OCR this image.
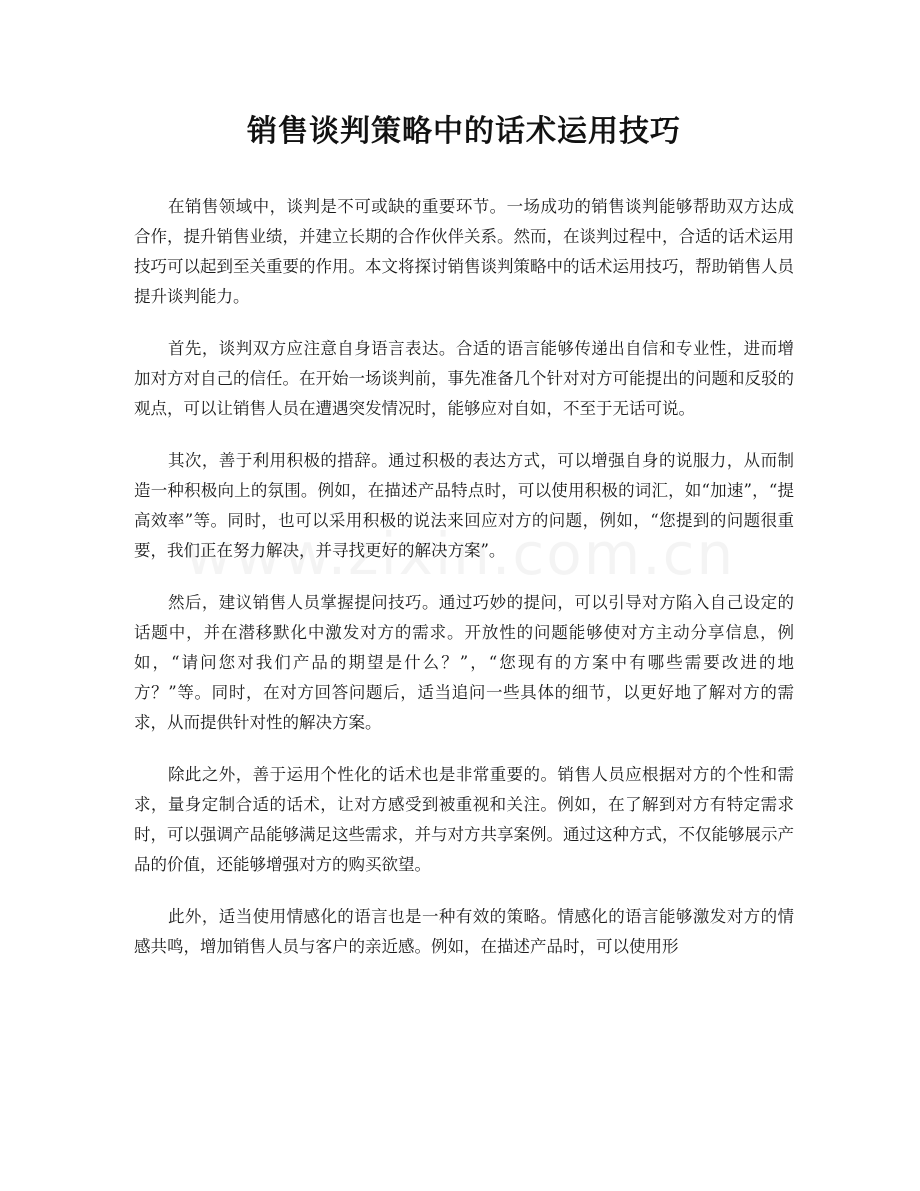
销售谈判策略中的话术运用技巧

在销售领域中，谈判是不可或缺的重要环节。一场成功的销售谈判能够帮助双方达成合作，提升销售业绩，并建立长期的合作伙伴关系。然而，在谈判过程中，合适的话术运用技巧可以起到至关重要的作用。本文将探讨销售谈判策略中的话术运用技巧，帮助销售人员提升谈判能力。

首先，谈判双方应注意自身语言表达。合适的语言能够传递出自信和专业性，进而增加对方对自己的信任。在开始一场谈判前，事先准备几个针对对方可能提出的问题和反驳的观点，可以让销售人员在遭遇突发情况时，能够应对自如，不至于无话可说。

其次，善于利用积极的措辞。通过积极的表达方式，可以增强自身的说服力，从而制造一种积极向上的氛围。例如，在描述产品特点时，可以使用积极的词汇，如“加速”，“提高效率”等。同时，也可以采用积极的说法来回应对方的问题，例如，“您提到的问题很重要，我们正在努力解决，并寻找更好的解决方案”。

然后，建议销售人员掌握提问技巧。通过巧妙的提问，可以引导对方陷入自己设定的话题中，并在潜移默化中激发对方的需求。开放性的问题能够使对方主动分享信息，例如，“请问您对我们产品的期望是什么？”，“您现有的方案中有哪些需要改进的地方？”等。同时，在对方回答问题后，适当追问一些具体的细节，以更好地了解对方的需求，从而提供针对性的解决方案。

除此之外，善于运用个性化的话术也是非常重要的。销售人员应根据对方的个性和需求，量身定制合适的话术，让对方感受到被重视和关注。例如，在了解到对方有特定需求时，可以强调产品能够满足这些需求，并与对方共享案例。通过这种方式，不仅能够展示产品的价值，还能够增强对方的购买欲望。

此外，适当使用情感化的语言也是一种有效的策略。情感化的语言能够激发对方的情感共鸣，增加销售人员与客户的亲近感。例如，在描述产品时，可以使用形
